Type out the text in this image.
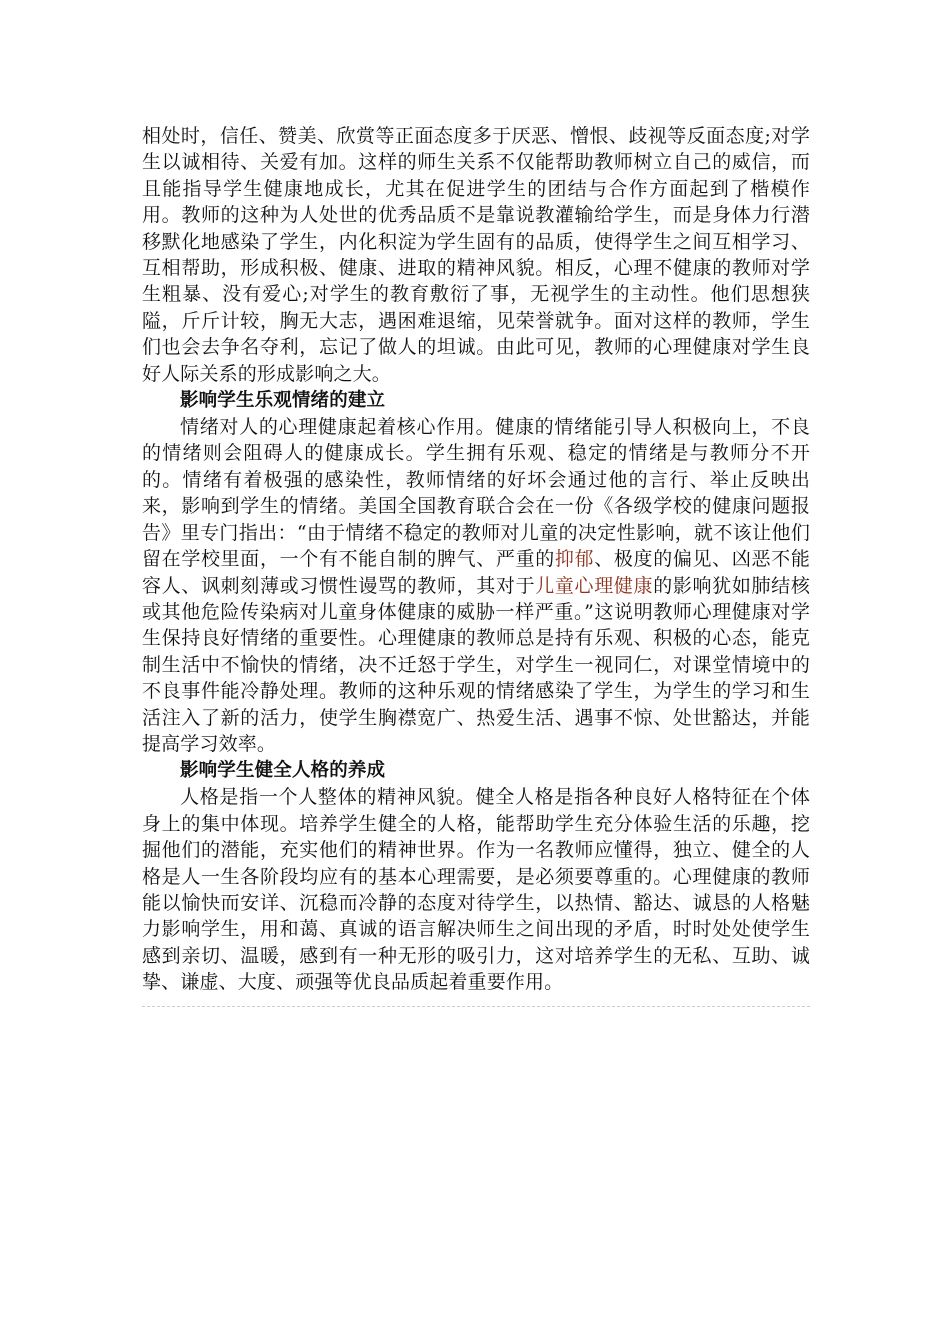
相处时，信任、赞美、欣赏等正面态度多于厌恶、憎恨、歧视等反面态度;对学生以诚相待、关爱有加。这样的师生关系不仅能帮助教师树立自己的威信，而且能指导学生健康地成长，尤其在促进学生的团结与合作方面起到了楷模作用。教师的这种为人处世的优秀品质不是靠说教灌输给学生，而是身体力行潜移默化地感染了学生，内化积淀为学生固有的品质，使得学生之间互相学习、互相帮助，形成积极、健康、进取的精神风貌。相反，心理不健康的教师对学生粗暴、没有爱心;对学生的教育敷衍了事，无视学生的主动性。他们思想狭隘，斤斤计较，胸无大志，遇困难退缩，见荣誉就争。面对这样的教师，学生们也会去争名夺利，忘记了做人的坦诚。由此可见，教师的心理健康对学生良好人际关系的形成影响之大。

影响学生乐观情绪的建立

情绪对人的心理健康起着核心作用。健康的情绪能引导人积极向上，不良的情绪则会阻碍人的健康成长。学生拥有乐观、稳定的情绪是与教师分不开的。情绪有着极强的感染性，教师情绪的好坏会通过他的言行、举止反映出来，影响到学生的情绪。美国全国教育联合会在一份《各级学校的健康问题报告》里专门指出：“由于情绪不稳定的教师对儿童的决定性影响，就不该让他们留在学校里面，一个有不能自制的脾气、严重的抑郁、极度的偏见、凶恶不能容人、讽刺刻薄或习惯性谩骂的教师，其对于儿童心理健康的影响犹如肺结核或其他危险传染病对儿童身体健康的威胁一样严重。”这说明教师心理健康对学生保持良好情绪的重要性。心理健康的教师总是持有乐观、积极的心态，能克制生活中不愉快的情绪，决不迁怒于学生，对学生一视同仁，对课堂情境中的不良事件能冷静处理。教师的这种乐观的情绪感染了学生，为学生的学习和生活注入了新的活力，使学生胸襟宽广、热爱生活、遇事不惊、处世豁达，并能提高学习效率。

影响学生健全人格的养成

人格是指一个人整体的精神风貌。健全人格是指各种良好人格特征在个体身上的集中体现。培养学生健全的人格，能帮助学生充分体验生活的乐趣，挖掘他们的潜能，充实他们的精神世界。作为一名教师应懂得，独立、健全的人格是人一生各阶段均应有的基本心理需要，是必须要尊重的。心理健康的教师能以愉快而安详、沉稳而冷静的态度对待学生，以热情、豁达、诚恳的人格魅力影响学生，用和蔼、真诚的语言解决师生之间出现的矛盾，时时处处使学生感到亲切、温暖，感到有一种无形的吸引力，这对培养学生的无私、互助、诚挚、谦虚、大度、顽强等优良品质起着重要作用。
